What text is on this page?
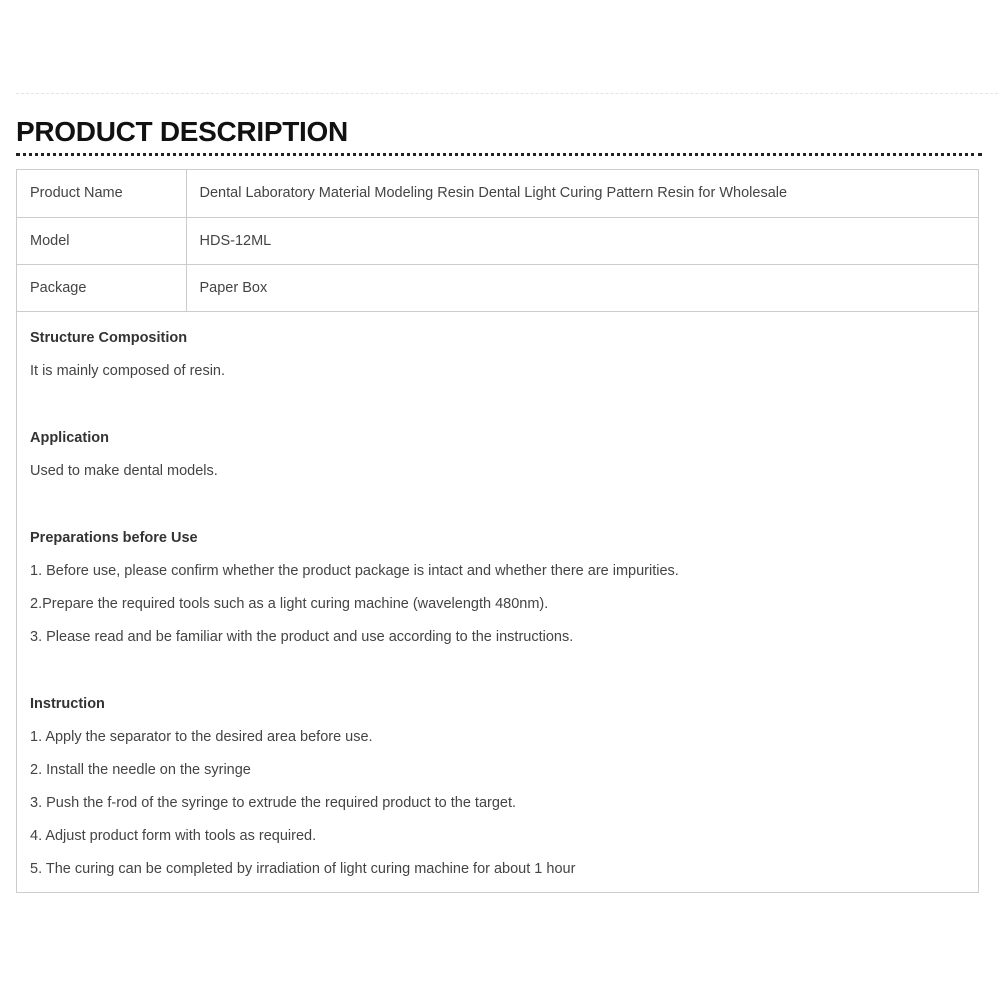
PRODUCT DESCRIPTION
Product Name	Dental Laboratory Material Modeling Resin Dental Light Curing Pattern Resin for Wholesale
Model	HDS-12ML
Package	Paper Box
Structure Composition
It is mainly composed of resin.
Application
Used to make dental models.
Preparations before Use
1. Before use, please confirm whether the product package is intact and whether there are impurities.
2.Prepare the required tools such as a light curing machine (wavelength 480nm).
3. Please read and be familiar with the product and use according to the instructions.
Instruction
1. Apply the separator to the desired area before use.
2. Install the needle on the syringe
3. Push the f-rod of the syringe to extrude the required product to the target.
4. Adjust product form with tools as required.
5. The curing can be completed by irradiation of light curing machine for about 1 hour
